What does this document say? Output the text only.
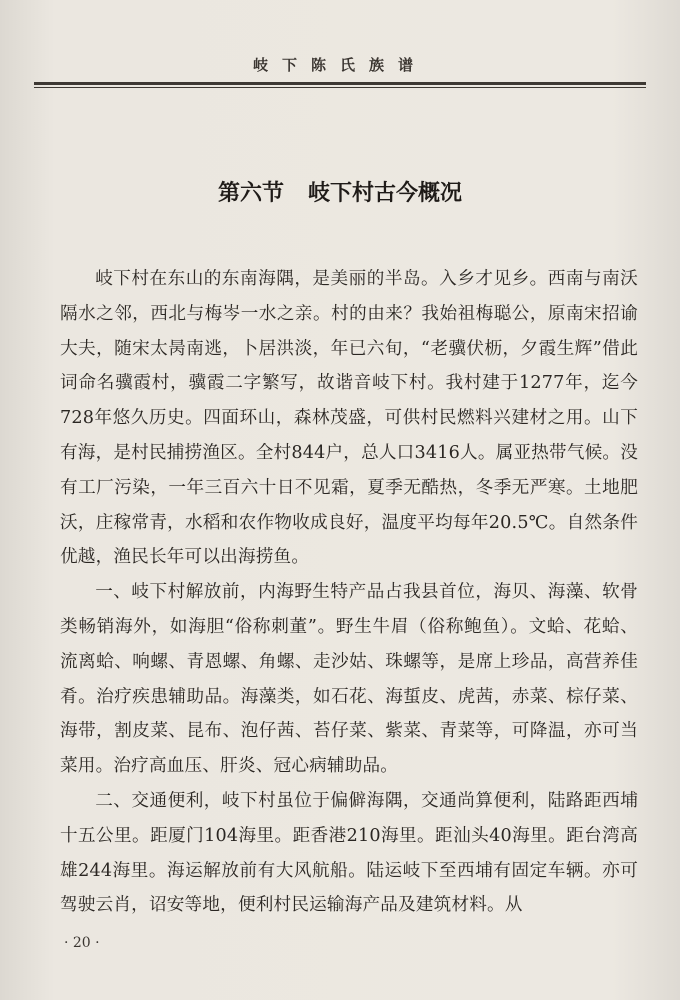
岐下陈氏族谱
第六节 岐下村古今概况

岐下村在东山的东南海隅，是美丽的半岛。入乡才见乡。西南与南沃隔水之邻，西北与梅岑一水之亲。村的由来？我始祖梅聪公，原南宋招谕大夫，随宋太昺南逃，卜居洪淡，年已六旬，“老骥伏枥，夕霞生辉”借此词命名骥霞村，骥霞二字繁写，故谐音岐下村。我村建于1277年，迄今728年悠久历史。四面环山，森林茂盛，可供村民燃料兴建材之用。山下有海，是村民捕捞渔区。全村844户，总人口3416人。属亚热带气候。没有工厂污染，一年三百六十日不见霜，夏季无酷热，冬季无严寒。土地肥沃，庄稼常青，水稻和农作物收成良好，温度平均每年20.5℃。自然条件优越，渔民长年可以出海捞鱼。

一、岐下村解放前，内海野生特产品占我县首位，海贝、海藻、软骨类畅销海外，如海胆“俗称刺董”。野生牛眉（俗称鲍鱼）。文蛤、花蛤、流离蛤、响螺、青恩螺、角螺、走沙姑、珠螺等，是席上珍品，高营养佳肴。治疗疾患辅助品。海藻类，如石花、海蜇皮、虎茜，赤菜、棕仔菜、海带，割皮菜、昆布、泡仔茜、苔仔菜、紫菜、青菜等，可降温，亦可当菜用。治疗高血压、肝炎、冠心病辅助品。

二、交通便利，岐下村虽位于偏僻海隅，交通尚算便利，陆路距西埔十五公里。距厦门104海里。距香港210海里。距汕头40海里。距台湾高雄244海里。海运解放前有大风航船。陆运岐下至西埔有固定车辆。亦可驾驶云肖，诏安等地，便利村民运输海产品及建筑材料。从

· 20 ·
